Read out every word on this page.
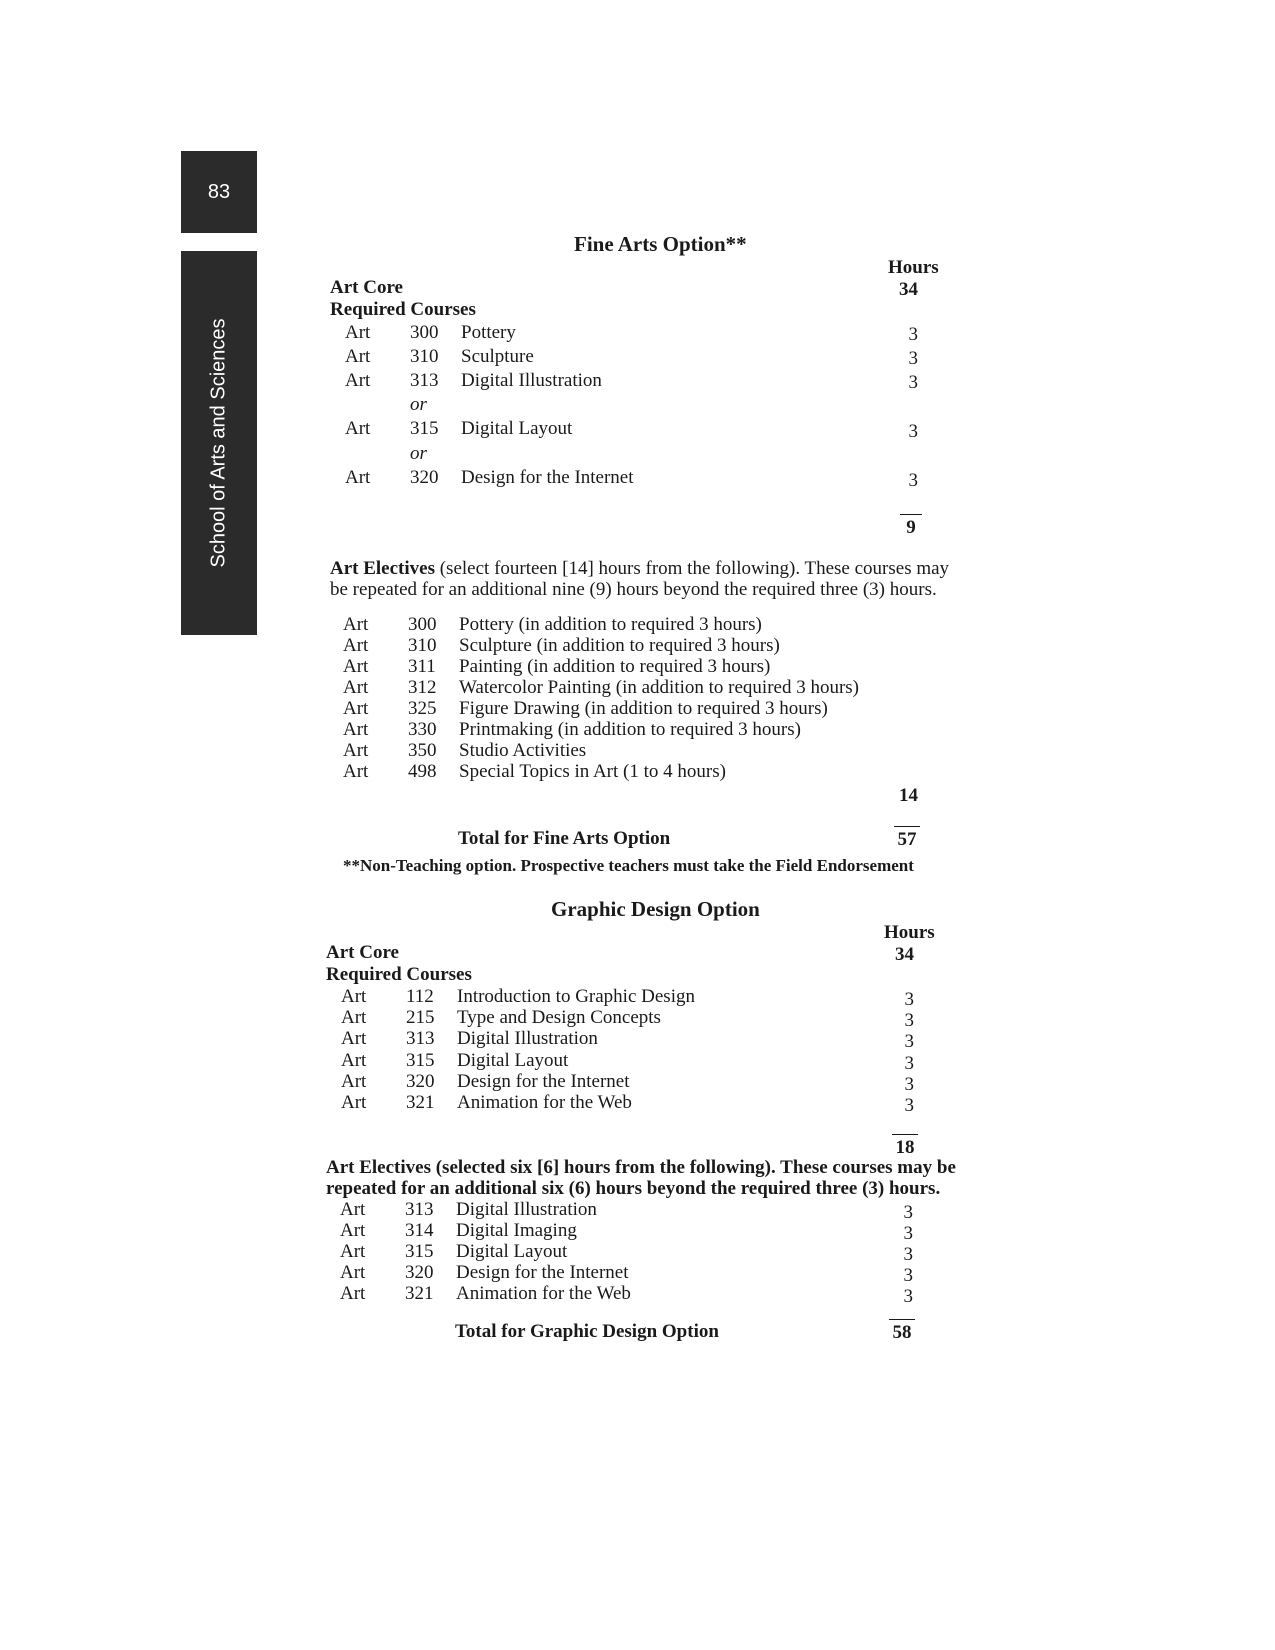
83
School of Arts and Sciences
Fine Arts Option**
Hours
Art Core	34
Required Courses
Art 300 Pottery	3
Art 310 Sculpture	3
Art 313 Digital Illustration	3
or
Art 315 Digital Layout	3
or
Art 320 Design for the Internet	3
9
Art Electives (select fourteen [14] hours from the following). These courses may
be repeated for an additional nine (9) hours beyond the required three (3) hours.
Art 300 Pottery (in addition to required 3 hours)
Art 310 Sculpture (in addition to required 3 hours)
Art 311 Painting (in addition to required 3 hours)
Art 312 Watercolor Painting (in addition to required 3 hours)
Art 325 Figure Drawing (in addition to required 3 hours)
Art 330 Printmaking (in addition to required 3 hours)
Art 350 Studio Activities
Art 498 Special Topics in Art (1 to 4 hours)
14
Total for Fine Arts Option	57
**Non-Teaching option. Prospective teachers must take the Field Endorsement
Graphic Design Option
Hours
Art Core	34
Required Courses
Art 112 Introduction to Graphic Design	3
Art 215 Type and Design Concepts	3
Art 313 Digital Illustration	3
Art 315 Digital Layout	3
Art 320 Design for the Internet	3
Art 321 Animation for the Web	3
18
Art Electives (selected six [6] hours from the following). These courses may be
repeated for an additional six (6) hours beyond the required three (3) hours.
Art 313 Digital Illustration	3
Art 314 Digital Imaging	3
Art 315 Digital Layout	3
Art 320 Design for the Internet	3
Art 321 Animation for the Web	3
Total for Graphic Design Option	58
